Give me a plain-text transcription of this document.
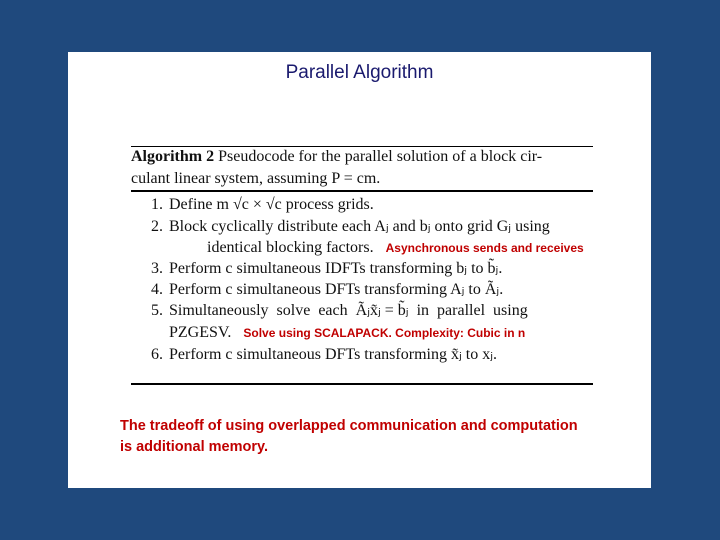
Parallel Algorithm
Algorithm 2 Pseudocode for the parallel solution of a block cir-
culant linear system, assuming P = cm.
1. Define m √c × √c process grids.
2. Block cyclically distribute each Aⱼ and bⱼ onto grid Gⱼ using
identical blocking factors. Asynchronous sends and receives
3. Perform c simultaneous IDFTs transforming bⱼ to b̃ⱼ.
4. Perform c simultaneous DFTs transforming Aⱼ to Ãⱼ.
5. Simultaneously  solve  each  Ãⱼx̃ⱼ = b̃ⱼ  in  parallel  using
PZGESV. Solve using SCALAPACK. Complexity: Cubic in n
6. Perform c simultaneous DFTs transforming x̃ⱼ to xⱼ.
The tradeoff of using overlapped communication and computation
is additional memory.
